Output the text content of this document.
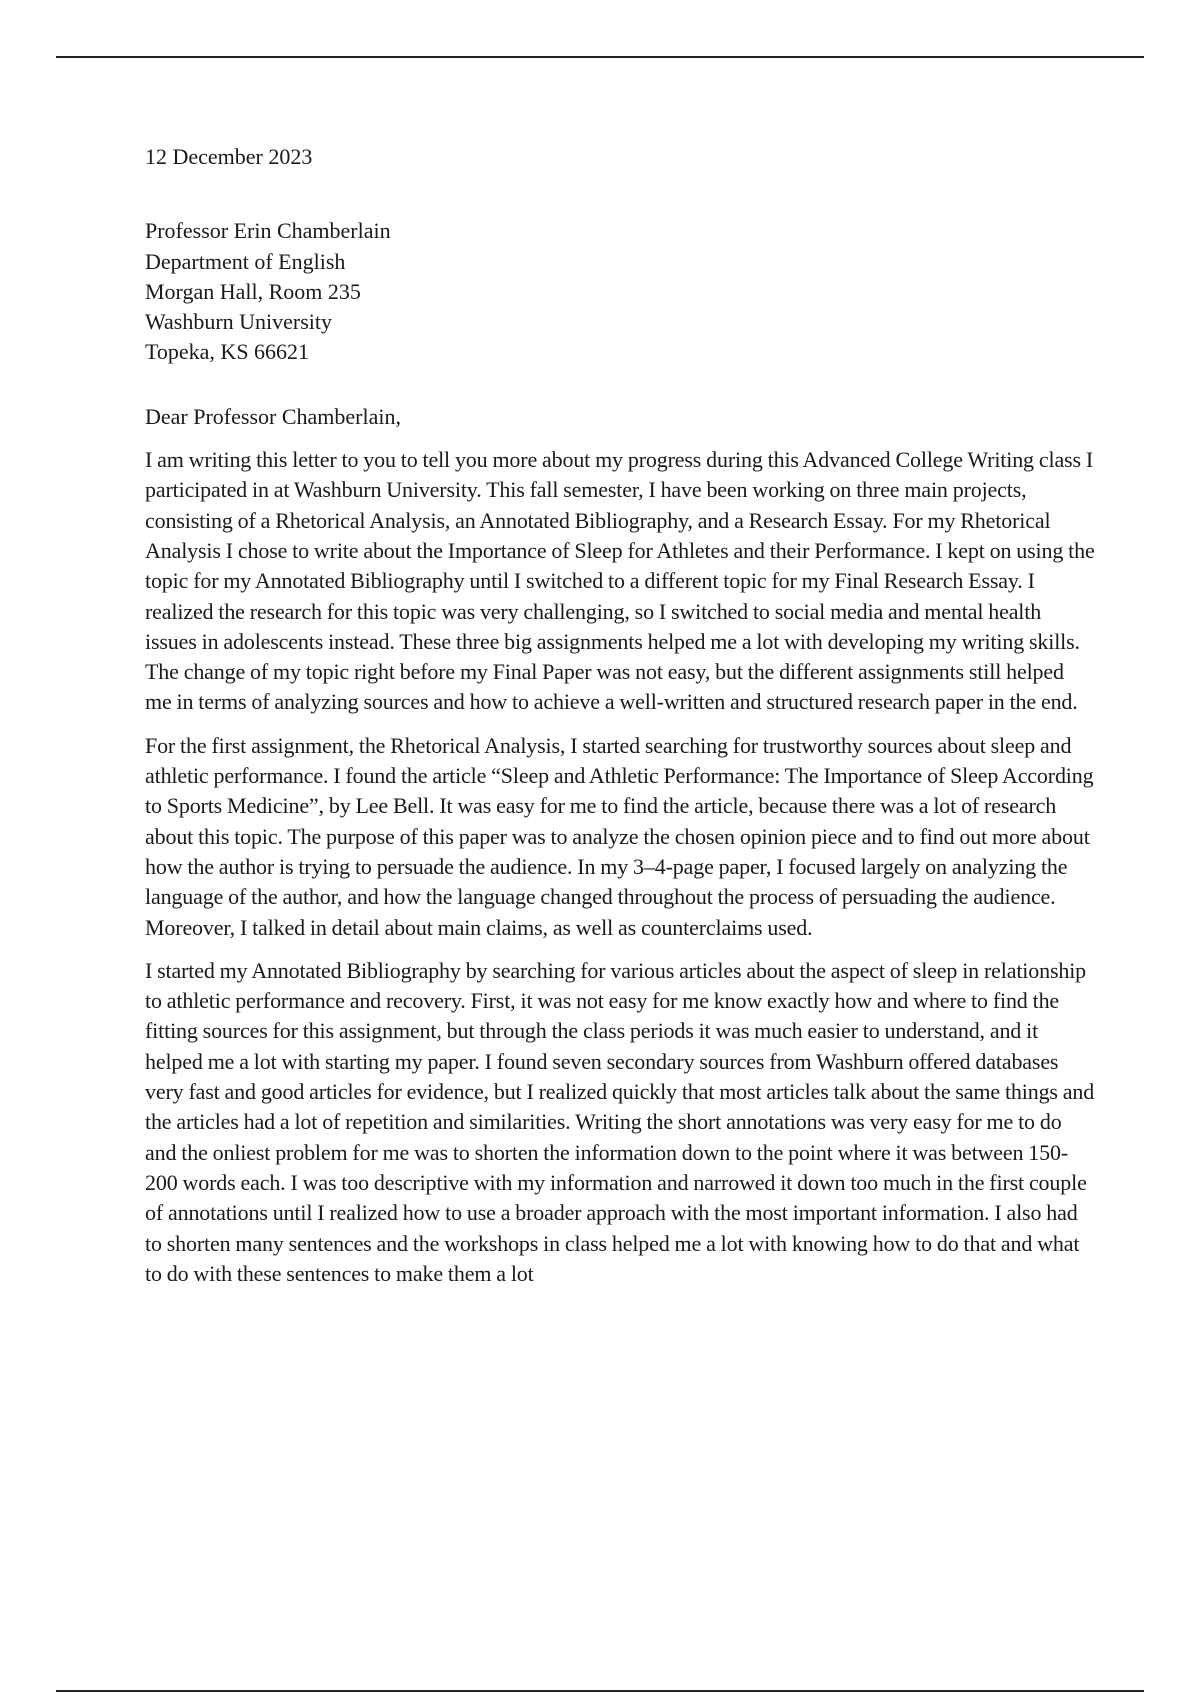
12 December 2023

Professor Erin Chamberlain
Department of English
Morgan Hall, Room 235
Washburn University
Topeka, KS 66621

Dear Professor Chamberlain,

I am writing this letter to you to tell you more about my progress during this Advanced College Writing class I participated in at Washburn University. This fall semester, I have been working on three main projects, consisting of a Rhetorical Analysis, an Annotated Bibliography, and a Research Essay. For my Rhetorical Analysis I chose to write about the Importance of Sleep for Athletes and their Performance. I kept on using the topic for my Annotated Bibliography until I switched to a different topic for my Final Research Essay. I realized the research for this topic was very challenging, so I switched to social media and mental health issues in adolescents instead. These three big assignments helped me a lot with developing my writing skills. The change of my topic right before my Final Paper was not easy, but the different assignments still helped me in terms of analyzing sources and how to achieve a well-written and structured research paper in the end.

For the first assignment, the Rhetorical Analysis, I started searching for trustworthy sources about sleep and athletic performance. I found the article “Sleep and Athletic Performance: The Importance of Sleep According to Sports Medicine”, by Lee Bell. It was easy for me to find the article, because there was a lot of research about this topic. The purpose of this paper was to analyze the chosen opinion piece and to find out more about how the author is trying to persuade the audience. In my 3–4-page paper, I focused largely on analyzing the language of the author, and how the language changed throughout the process of persuading the audience. Moreover, I talked in detail about main claims, as well as counterclaims used.

I started my Annotated Bibliography by searching for various articles about the aspect of sleep in relationship to athletic performance and recovery. First, it was not easy for me know exactly how and where to find the fitting sources for this assignment, but through the class periods it was much easier to understand, and it helped me a lot with starting my paper. I found seven secondary sources from Washburn offered databases very fast and good articles for evidence, but I realized quickly that most articles talk about the same things and the articles had a lot of repetition and similarities. Writing the short annotations was very easy for me to do and the onliest problem for me was to shorten the information down to the point where it was between 150-200 words each. I was too descriptive with my information and narrowed it down too much in the first couple of annotations until I realized how to use a broader approach with the most important information. I also had to shorten many sentences and the workshops in class helped me a lot with knowing how to do that and what to do with these sentences to make them a lot
